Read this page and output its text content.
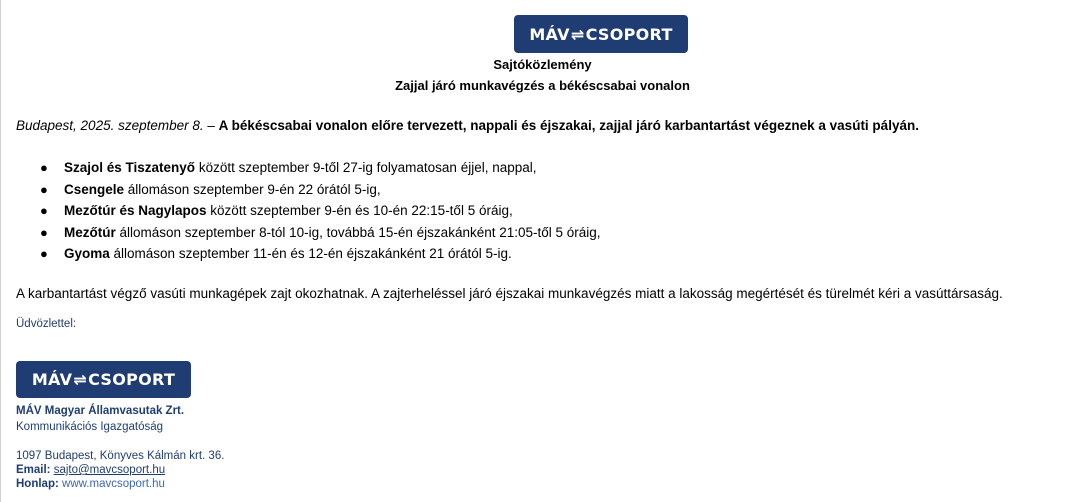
MÁV ⇌ CSOPORT
Sajtóközlemény
Zajjal járó munkavégzés a békéscsabai vonalon
Budapest, 2025. szeptember 8. – A békéscsabai vonalon előre tervezett, nappali és éjszakai, zajjal járó karbantartást végeznek a vasúti pályán.
● Szajol és Tiszatenyő között szeptember 9-től 27-ig folyamatosan éjjel, nappal,
● Csengele állomáson szeptember 9-én 22 órától 5-ig,
● Mezőtúr és Nagylapos között szeptember 9-én és 10-én 22:15-től 5 óráig,
● Mezőtúr állomáson szeptember 8-tól 10-ig, továbbá 15-én éjszakánként 21:05-től 5 óráig,
● Gyoma állomáson szeptember 11-én és 12-én éjszakánként 21 órától 5-ig.
A karbantartást végző vasúti munkagépek zajt okozhatnak. A zajterheléssel járó éjszakai munkavégzés miatt a lakosság megértését és türelmét kéri a vasúttársaság.
Üdvözlettel:
MÁV ⇌ CSOPORT
MÁV Magyar Államvasutak Zrt.
Kommunikációs Igazgatóság
1097 Budapest, Könyves Kálmán krt. 36.
Email: sajto@mavcsoport.hu
Honlap: www.mavcsoport.hu
